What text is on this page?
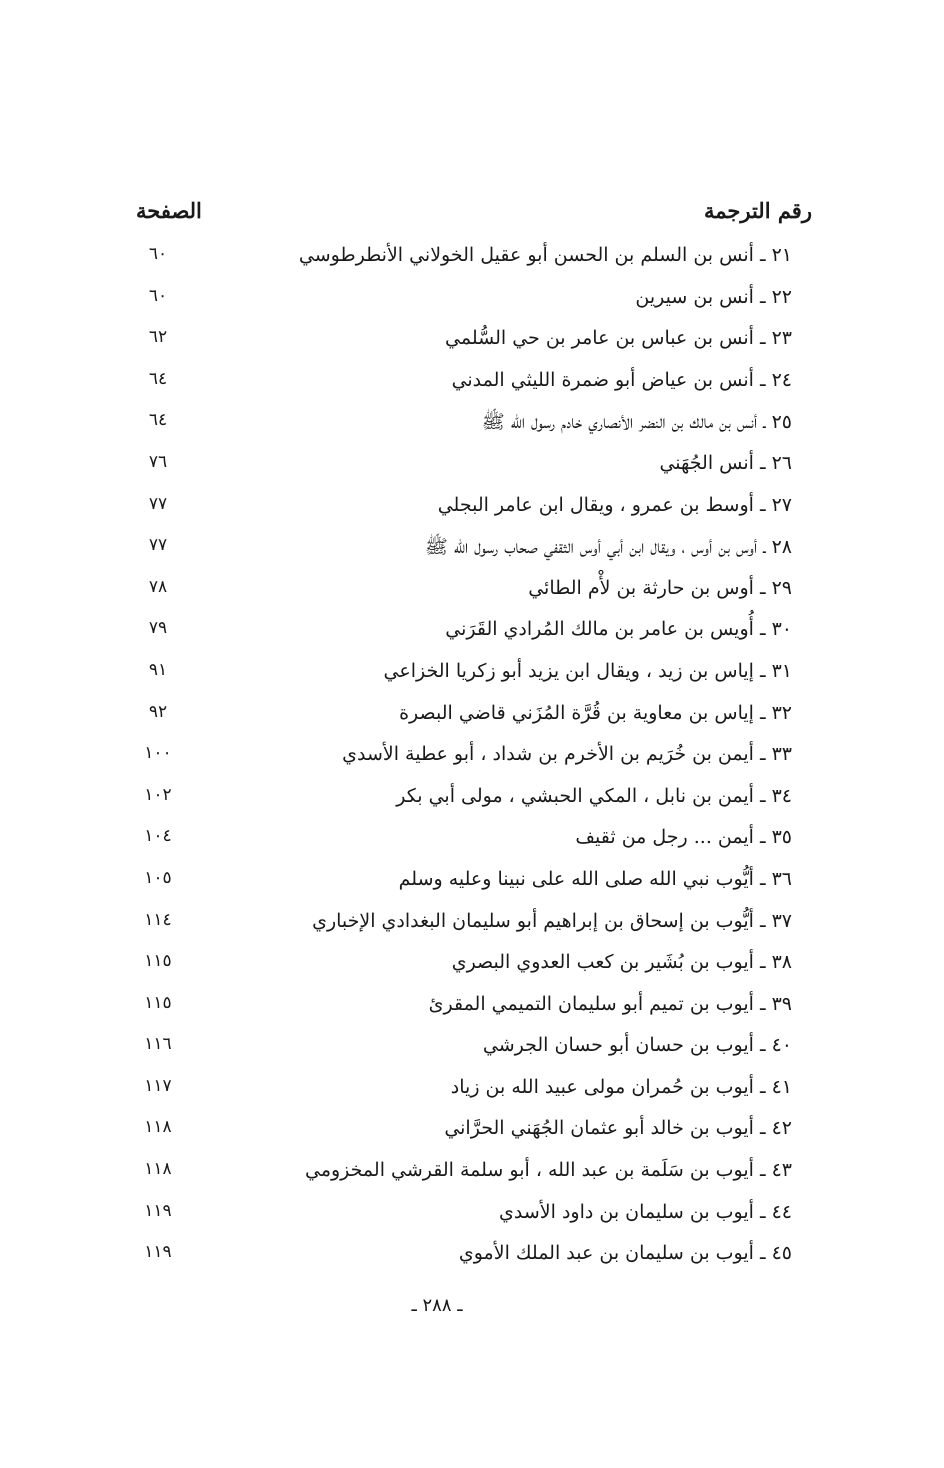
رقم الترجمة
الصفحة
٢١ ـ أنس بن السلم بن الحسن أبو عقيل الخولاني الأنطرطوسي
٦٠
٢٢ ـ أنس بن سيرين
٦٠
٢٣ ـ أنس بن عباس بن عامر بن حي السُّلمي
٦٢
٢٤ ـ أنس بن عياض أبو ضمرة الليثي المدني
٦٤
٢٥ ـ أنس بن مالك بن النضر الأنصاري خادم رسول الله ﷺ
٦٤
٢٦ ـ أنس الجُهَني
٧٦
٢٧ ـ أوسط بن عمرو ، ويقال ابن عامر البجلي
٧٧
٢٨ ـ أوس بن أوس ، ويقال ابن أبي أوس الثقفي صحاب رسول الله ﷺ
٧٧
٢٩ ـ أوس بن حارثة بن لأْم الطائي
٧٨
٣٠ ـ أُويس بن عامر بن مالك المُرادي القَرَني
٧٩
٣١ ـ إياس بن زيد ، ويقال ابن يزيد أبو زكريا الخزاعي
٩١
٣٢ ـ إياس بن معاوية بن قُرَّة المُزَني قاضي البصرة
٩٢
٣٣ ـ أيمن بن خُرَيم بن الأخرم بن شداد ، أبو عطية الأسدي
١٠٠
٣٤ ـ أيمن بن نابل ، المكي الحبشي ، مولى أبي بكر
١٠٢
٣٥ ـ أيمن ... رجل من ثقيف
١٠٤
٣٦ ـ أيُّوب نبي الله صلى الله على نبينا وعليه وسلم
١٠٥
٣٧ ـ أيُّوب بن إسحاق بن إبراهيم أبو سليمان البغدادي الإخباري
١١٤
٣٨ ـ أيوب بن بُشَير بن كعب العدوي البصري
١١٥
٣٩ ـ أيوب بن تميم أبو سليمان التميمي المقرئ
١١٥
٤٠ ـ أيوب بن حسان أبو حسان الجرشي
١١٦
٤١ ـ أيوب بن حُمران مولى عبيد الله بن زياد
١١٧
٤٢ ـ أيوب بن خالد أبو عثمان الجُهَني الحرَّاني
١١٨
٤٣ ـ أيوب بن سَلَمة بن عبد الله ، أبو سلمة القرشي المخزومي
١١٨
٤٤ ـ أيوب بن سليمان بن داود الأسدي
١١٩
٤٥ ـ أيوب بن سليمان بن عبد الملك الأموي
١١٩
ـ ٢٨٨ ـ
